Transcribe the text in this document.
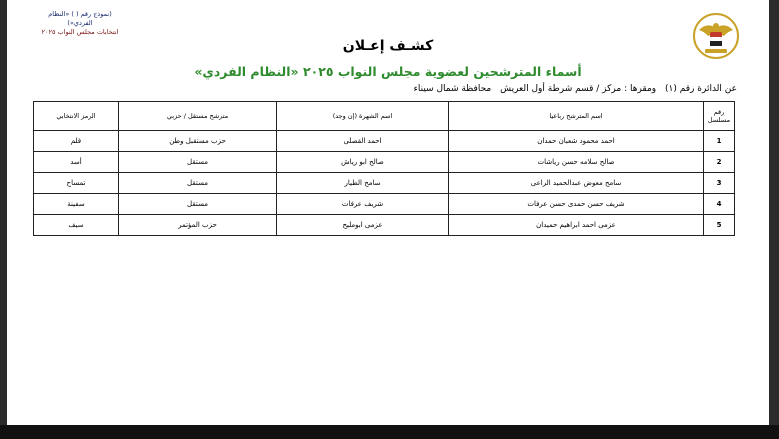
(نموذج رقم ( ) «النظام الفردي»)
انتخابات مجلس النواب ٢٠٢٥
كشـف إعـلان
أسماء المترشحين لعضوية مجلس النواب ٢٠٢٥ «النظام الفردي»
عن الدائرة رقم (١) ومقرها : مركز / قسم شرطة أول العريش محافظة شمال سيناء
رقم مسلسل	اسم المترشح رباعيا	اسم الشهرة (إن وجد)	مترشح مستقل / حزبي	الرمز الانتخابي
1	احمد محمود شعبان حمدان	احمد القصلى	حزب مستقبل وطن	قلم
2	صالح سلامه حسن رياشات	صالح ابو رياش	مستقل	أسد
3	سامح معوض عبدالحميد الراعى	سامح الطيار	مستقل	تمساح
4	شريف حسن حمدى حسن عرفات	شريف عرفات	مستقل	سفينة
5	عزمى احمد ابراهيم حميدان	عزمى ابومليح	حزب المؤتمر	سيف
